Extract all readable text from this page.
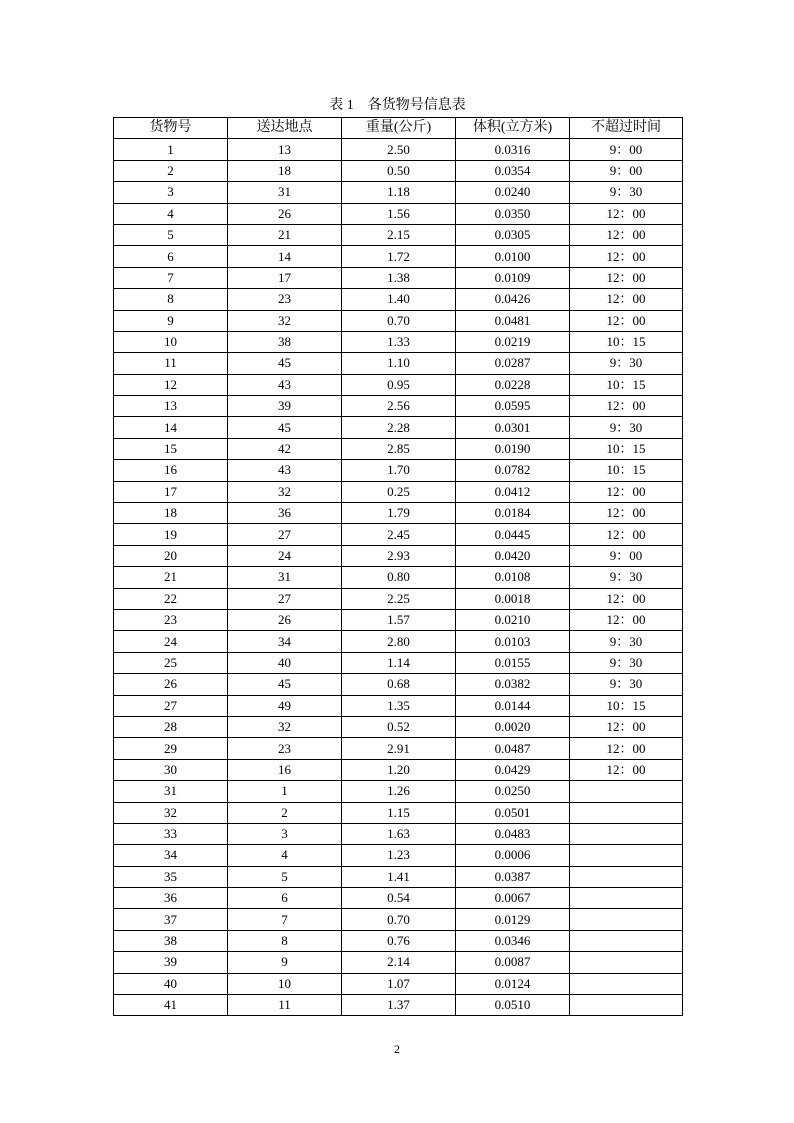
表 1　各货物号信息表
货物号	送达地点	重量(公斤)	体积(立方米)	不超过时间
1	13	2.50	0.0316	9：00
2	18	0.50	0.0354	9：00
3	31	1.18	0.0240	9：30
4	26	1.56	0.0350	12：00
5	21	2.15	0.0305	12：00
6	14	1.72	0.0100	12：00
7	17	1.38	0.0109	12：00
8	23	1.40	0.0426	12：00
9	32	0.70	0.0481	12：00
10	38	1.33	0.0219	10：15
11	45	1.10	0.0287	9：30
12	43	0.95	0.0228	10：15
13	39	2.56	0.0595	12：00
14	45	2.28	0.0301	9：30
15	42	2.85	0.0190	10：15
16	43	1.70	0.0782	10：15
17	32	0.25	0.0412	12：00
18	36	1.79	0.0184	12：00
19	27	2.45	0.0445	12：00
20	24	2.93	0.0420	9：00
21	31	0.80	0.0108	9：30
22	27	2.25	0.0018	12：00
23	26	1.57	0.0210	12：00
24	34	2.80	0.0103	9：30
25	40	1.14	0.0155	9：30
26	45	0.68	0.0382	9：30
27	49	1.35	0.0144	10：15
28	32	0.52	0.0020	12：00
29	23	2.91	0.0487	12：00
30	16	1.20	0.0429	12：00
31	1	1.26	0.0250	
32	2	1.15	0.0501	
33	3	1.63	0.0483	
34	4	1.23	0.0006	
35	5	1.41	0.0387	
36	6	0.54	0.0067	
37	7	0.70	0.0129	
38	8	0.76	0.0346	
39	9	2.14	0.0087	
40	10	1.07	0.0124	
41	11	1.37	0.0510	
2
